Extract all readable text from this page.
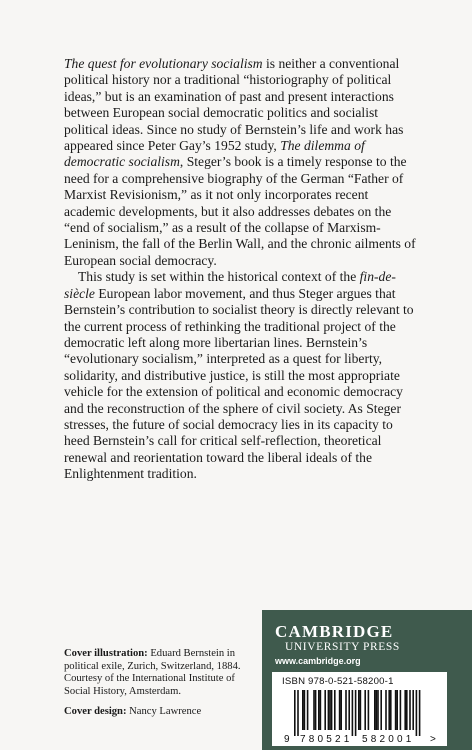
The quest for evolutionary socialism is neither a conventional political history nor a traditional “historiography of political ideas,” but is an examination of past and present interactions between European social democratic politics and socialist political ideas. Since no study of Bernstein’s life and work has appeared since Peter Gay’s 1952 study, The dilemma of democratic socialism, Steger’s book is a timely response to the need for a comprehensive biography of the German “Father of Marxist Revisionism,” as it not only incorporates recent academic developments, but it also addresses debates on the “end of socialism,” as a result of the collapse of Marxism-Leninism, the fall of the Berlin Wall, and the chronic ailments of European social democracy.

This study is set within the historical context of the fin-de-siècle European labor movement, and thus Steger argues that Bernstein’s contribution to socialist theory is directly relevant to the current process of rethinking the traditional project of the democratic left along more libertarian lines. Bernstein’s “evolutionary socialism,” interpreted as a quest for liberty, solidarity, and distributive justice, is still the most appropriate vehicle for the extension of political and economic democracy and the reconstruction of the sphere of civil society. As Steger stresses, the future of social democracy lies in its capacity to heed Bernstein’s call for critical self-reflection, theoretical renewal and reorientation toward the liberal ideals of the Enlightenment tradition.

Cover illustration: Eduard Bernstein in political exile, Zurich, Switzerland, 1884. Courtesy of the International Institute of Social History, Amsterdam.

Cover design: Nancy Lawrence

CAMBRIDGE
UNIVERSITY PRESS
www.cambridge.org
ISBN 978-0-521-58200-1
9 780521 582001 >
